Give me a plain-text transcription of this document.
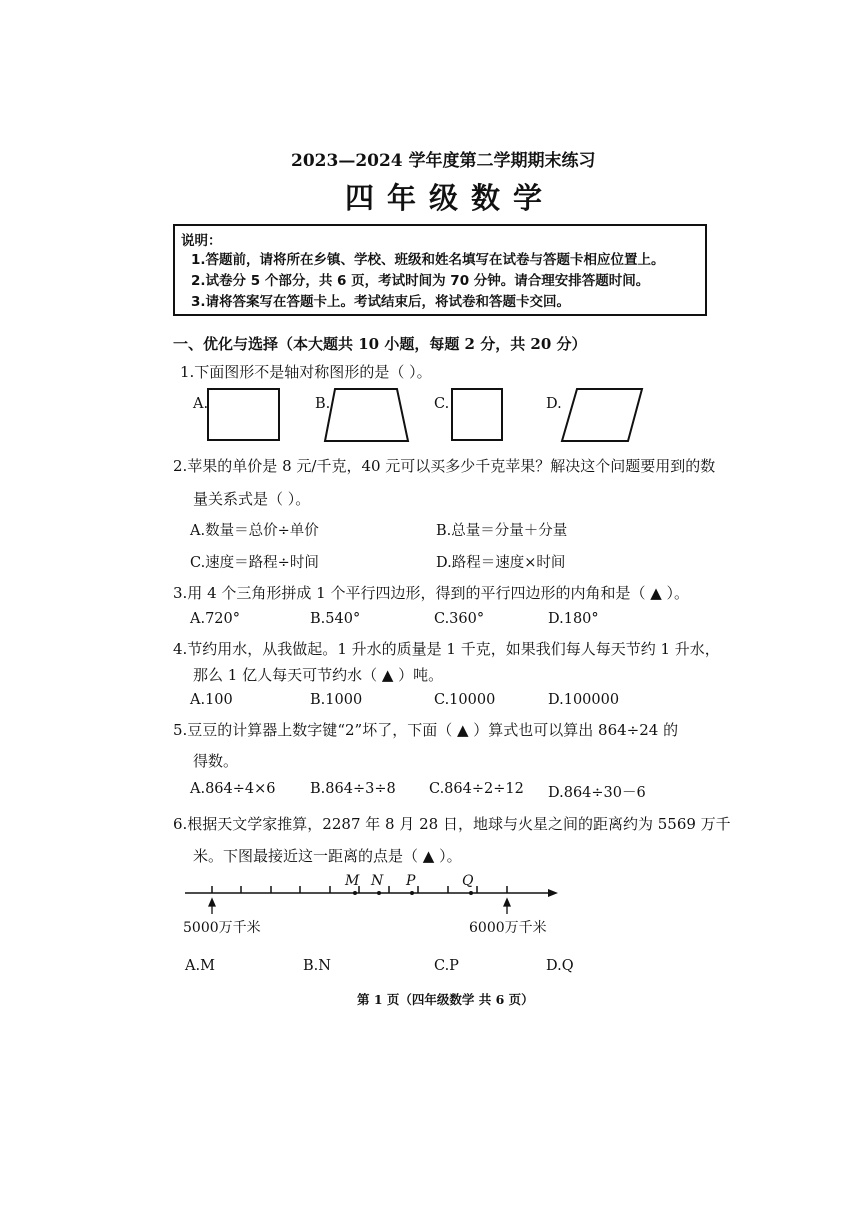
2023—2024 学年度第二学期期末练习
四年级数学
说明：
1.答题前，请将所在乡镇、学校、班级和姓名填写在试卷与答题卡相应位置上。
2.试卷分 5 个部分，共 6 页，考试时间为 70 分钟。请合理安排答题时间。
3.请将答案写在答题卡上。考试结束后，将试卷和答题卡交回。
一、优化与选择（本大题共 10 小题，每题 2 分，共 20 分）
1.下面图形不是轴对称图形的是（ ）。
A.	B.	C.	D.
2.苹果的单价是 8 元/千克，40 元可以买多少千克苹果？解决这个问题要用到的数
量关系式是（ ）。
A.数量＝总价÷单价	B.总量＝分量＋分量
C.速度＝路程÷时间	D.路程＝速度×时间
3.用 4 个三角形拼成 1 个平行四边形，得到的平行四边形的内角和是（ ▲ ）。
A.720°	B.540°	C.360°	D.180°
4.节约用水，从我做起。1 升水的质量是 1 千克，如果我们每人每天节约 1 升水，
那么 1 亿人每天可节约水（ ▲ ）吨。
A.100	B.1000	C.10000	D.100000
5.豆豆的计算器上数字键“2”坏了，下面（ ▲ ）算式也可以算出 864÷24 的
得数。
A.864÷4×6 B.864÷3÷8 C.864÷2÷12 D.864÷30－6
6.根据天文学家推算，2287 年 8 月 28 日，地球与火星之间的距离约为 5569 万千
米。下图最接近这一距离的点是（ ▲ ）。
M N P	Q
5000万千米	6000万千米
A.M	B.N	C.P	D.Q
第 1 页（四年级数学 共 6 页）
